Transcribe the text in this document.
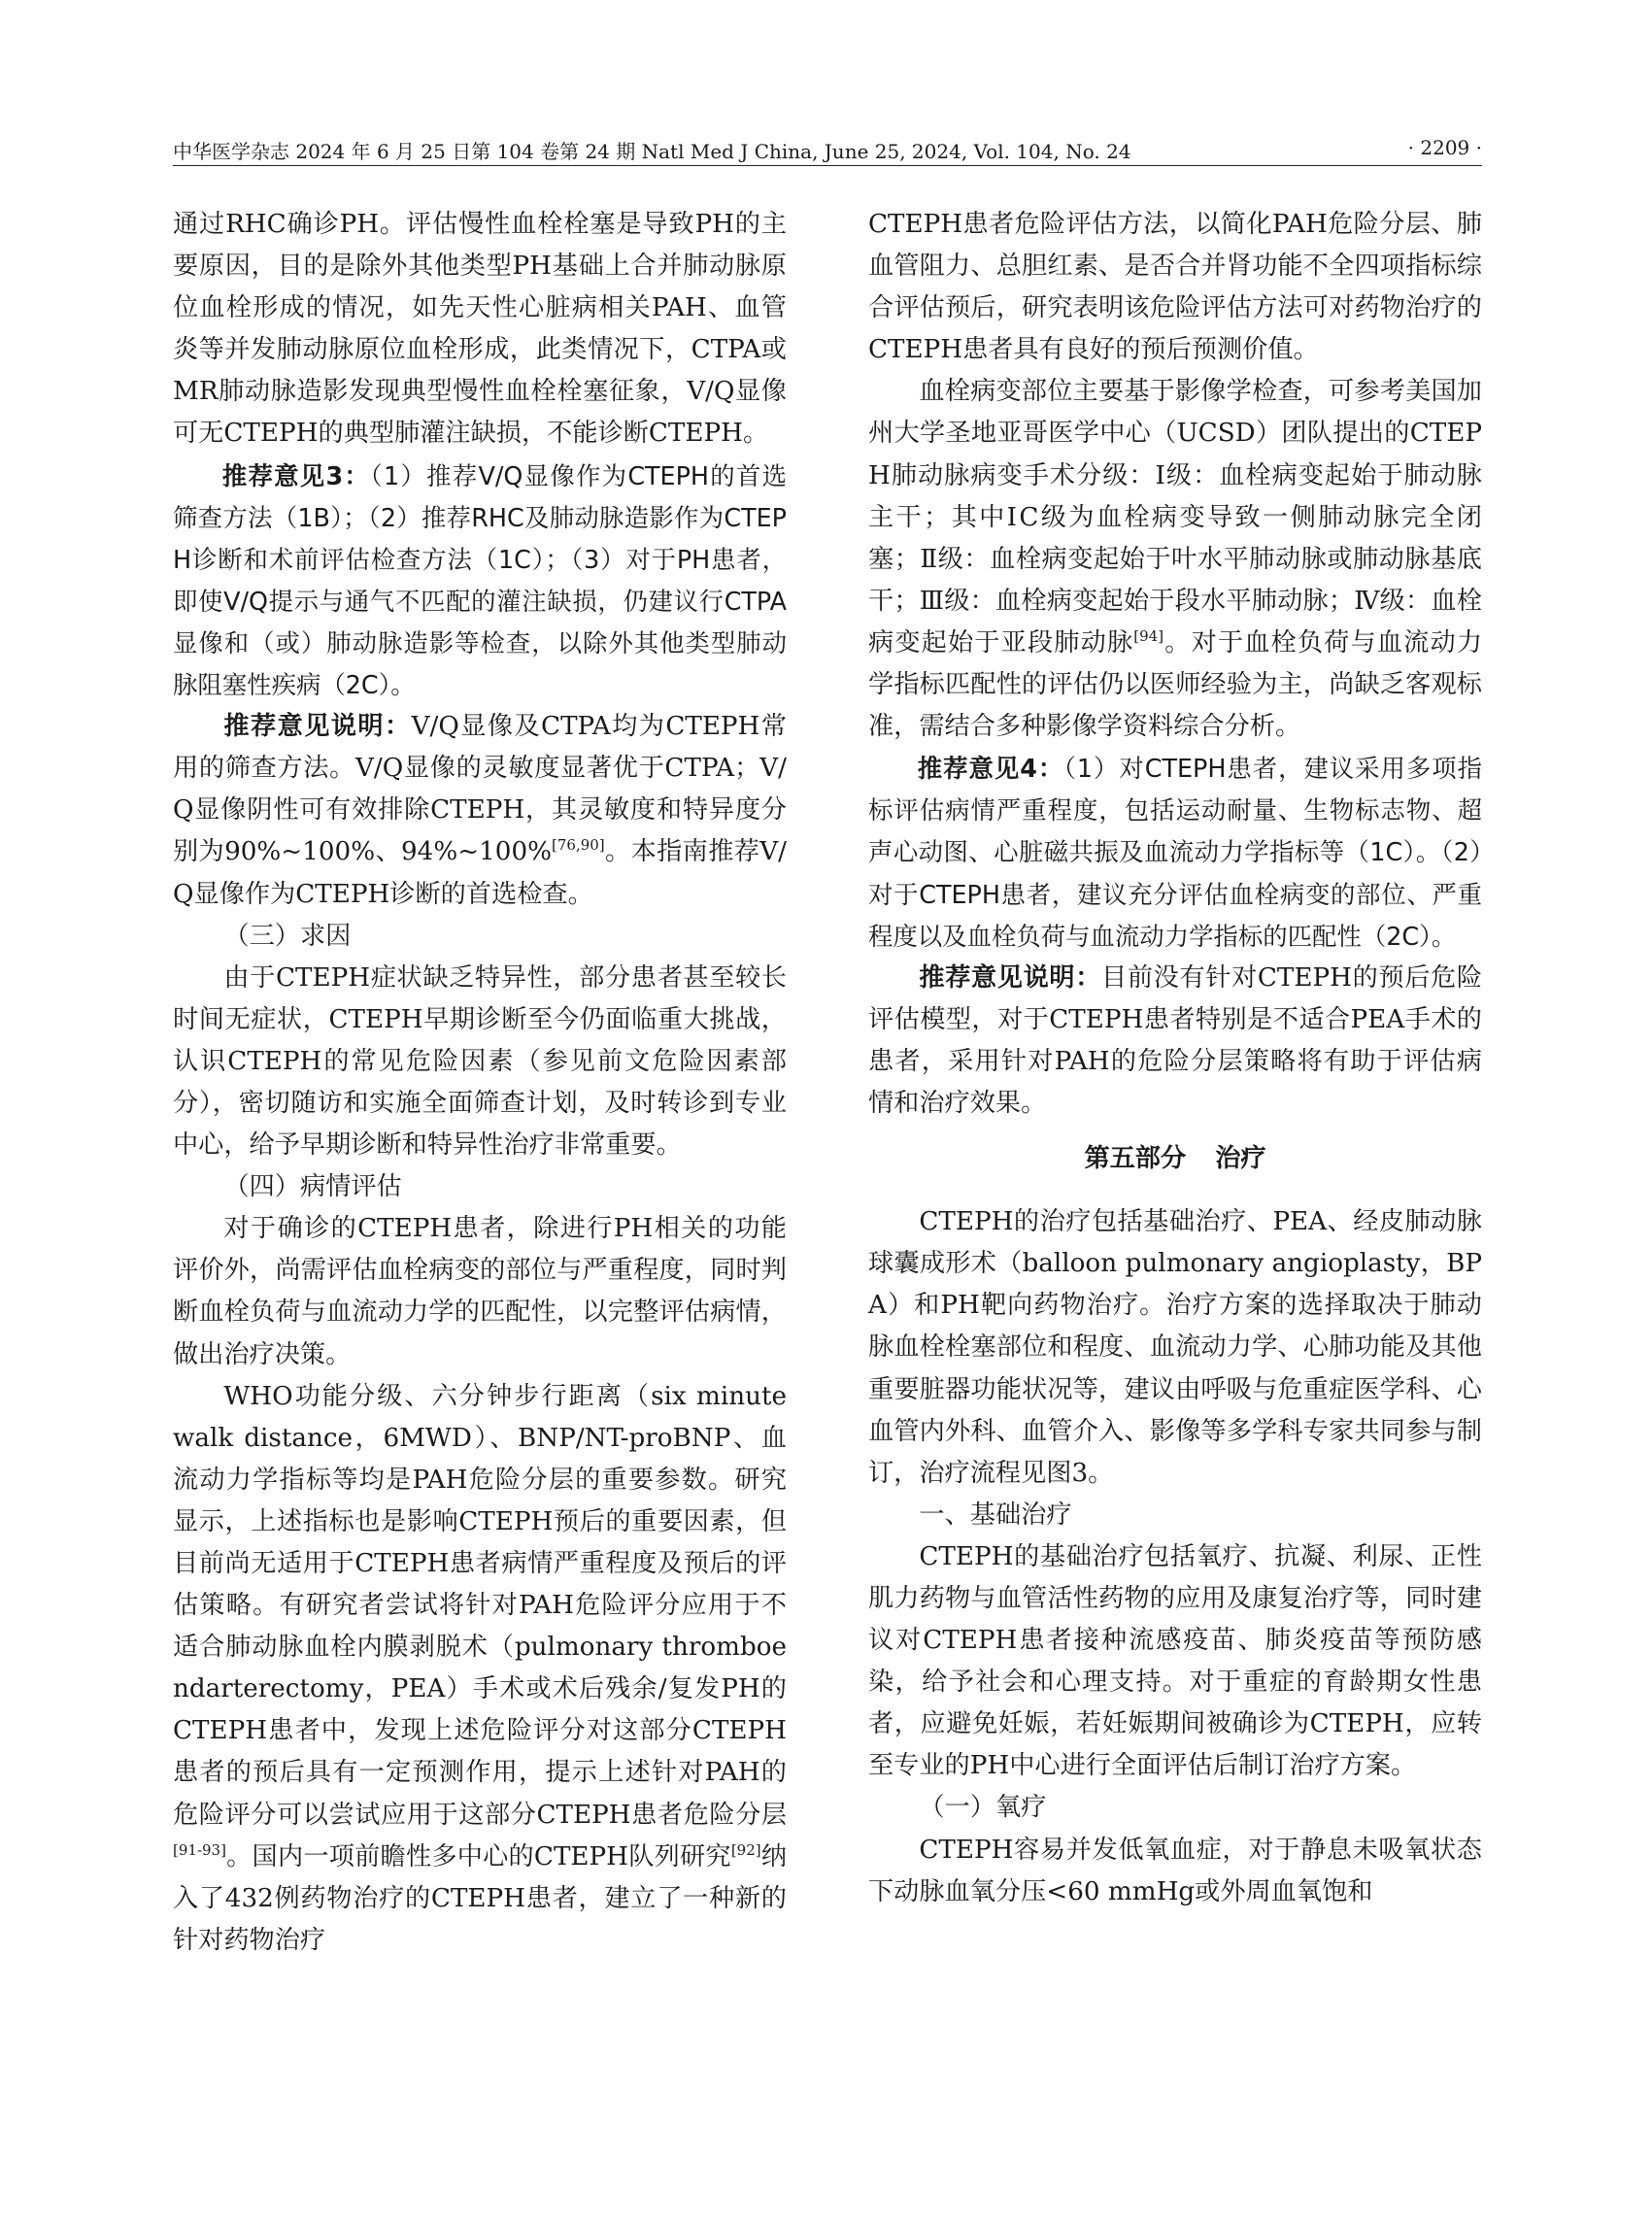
中华医学杂志 2024 年 6 月 25 日第 104 卷第 24 期 Natl Med J China, June 25, 2024, Vol. 104, No. 24	· 2209 ·

通过RHC确诊PH。评估慢性血栓栓塞是导致PH的主要原因，目的是除外其他类型PH基础上合并肺动脉原位血栓形成的情况，如先天性心脏病相关PAH、血管炎等并发肺动脉原位血栓形成，此类情况下，CTPA或MR肺动脉造影发现典型慢性血栓栓塞征象，V/Q显像可无CTEPH的典型肺灌注缺损，不能诊断CTEPH。

推荐意见3：（1）推荐V/Q显像作为CTEPH的首选筛查方法（1B）；（2）推荐RHC及肺动脉造影作为CTEPH诊断和术前评估检查方法（1C）；（3）对于PH患者，即使V/Q提示与通气不匹配的灌注缺损，仍建议行CTPA显像和（或）肺动脉造影等检查，以除外其他类型肺动脉阻塞性疾病（2C）。

推荐意见说明：V/Q显像及CTPA均为CTEPH常用的筛查方法。V/Q显像的灵敏度显著优于CTPA；V/Q显像阴性可有效排除CTEPH，其灵敏度和特异度分别为90%~100%、94%~100%[76,90]。本指南推荐V/Q显像作为CTEPH诊断的首选检查。

（三）求因

由于CTEPH症状缺乏特异性，部分患者甚至较长时间无症状，CTEPH早期诊断至今仍面临重大挑战，认识CTEPH的常见危险因素（参见前文危险因素部分），密切随访和实施全面筛查计划，及时转诊到专业中心，给予早期诊断和特异性治疗非常重要。

（四）病情评估

对于确诊的CTEPH患者，除进行PH相关的功能评价外，尚需评估血栓病变的部位与严重程度，同时判断血栓负荷与血流动力学的匹配性，以完整评估病情，做出治疗决策。

WHO功能分级、六分钟步行距离（six minute walk distance，6MWD）、BNP/NT-proBNP、血流动力学指标等均是PAH危险分层的重要参数。研究显示，上述指标也是影响CTEPH预后的重要因素，但目前尚无适用于CTEPH患者病情严重程度及预后的评估策略。有研究者尝试将针对PAH危险评分应用于不适合肺动脉血栓内膜剥脱术（pulmonary thromboendarterectomy，PEA）手术或术后残余/复发PH的CTEPH患者中，发现上述危险评分对这部分CTEPH患者的预后具有一定预测作用，提示上述针对PAH的危险评分可以尝试应用于这部分CTEPH患者危险分层[91-93]。国内一项前瞻性多中心的CTEPH队列研究[92]纳入了432例药物治疗的CTEPH患者，建立了一种新的针对药物治疗

CTEPH患者危险评估方法，以简化PAH危险分层、肺血管阻力、总胆红素、是否合并肾功能不全四项指标综合评估预后，研究表明该危险评估方法可对药物治疗的CTEPH患者具有良好的预后预测价值。

血栓病变部位主要基于影像学检查，可参考美国加州大学圣地亚哥医学中心（UCSD）团队提出的CTEPH肺动脉病变手术分级：Ⅰ级：血栓病变起始于肺动脉主干；其中ⅠC级为血栓病变导致一侧肺动脉完全闭塞；Ⅱ级：血栓病变起始于叶水平肺动脉或肺动脉基底干；Ⅲ级：血栓病变起始于段水平肺动脉；Ⅳ级：血栓病变起始于亚段肺动脉[94]。对于血栓负荷与血流动力学指标匹配性的评估仍以医师经验为主，尚缺乏客观标准，需结合多种影像学资料综合分析。

推荐意见4：（1）对CTEPH患者，建议采用多项指标评估病情严重程度，包括运动耐量、生物标志物、超声心动图、心脏磁共振及血流动力学指标等（1C）。（2）对于CTEPH患者，建议充分评估血栓病变的部位、严重程度以及血栓负荷与血流动力学指标的匹配性（2C）。

推荐意见说明：目前没有针对CTEPH的预后危险评估模型，对于CTEPH患者特别是不适合PEA手术的患者，采用针对PAH的危险分层策略将有助于评估病情和治疗效果。

第五部分 治疗

CTEPH的治疗包括基础治疗、PEA、经皮肺动脉球囊成形术（balloon pulmonary angioplasty，BPA）和PH靶向药物治疗。治疗方案的选择取决于肺动脉血栓栓塞部位和程度、血流动力学、心肺功能及其他重要脏器功能状况等，建议由呼吸与危重症医学科、心血管内外科、血管介入、影像等多学科专家共同参与制订，治疗流程见图3。

一、基础治疗

CTEPH的基础治疗包括氧疗、抗凝、利尿、正性肌力药物与血管活性药物的应用及康复治疗等，同时建议对CTEPH患者接种流感疫苗、肺炎疫苗等预防感染，给予社会和心理支持。对于重症的育龄期女性患者，应避免妊娠，若妊娠期间被确诊为CTEPH，应转至专业的PH中心进行全面评估后制订治疗方案。

（一）氧疗

CTEPH容易并发低氧血症，对于静息未吸氧状态下动脉血氧分压<60 mmHg或外周血氧饱和
